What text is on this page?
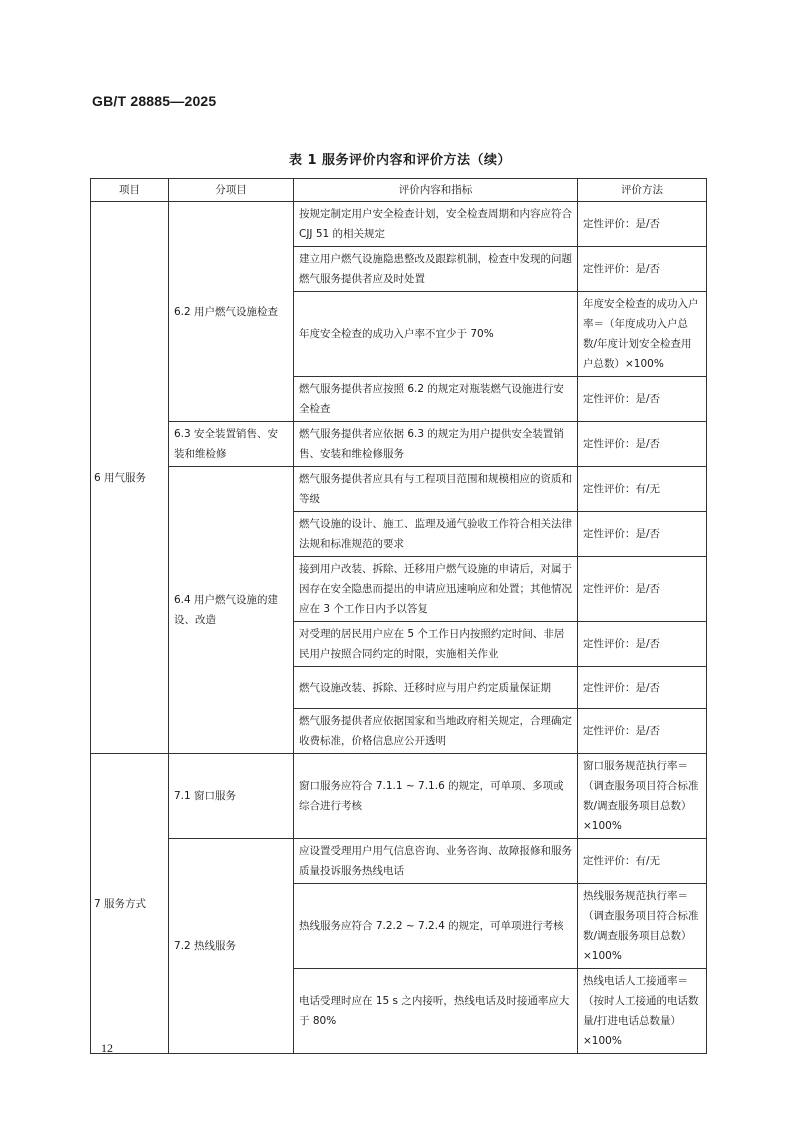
GB/T 28885—2025
表 1 服务评价内容和评价方法（续）
项目	分项目	评价内容和指标	评价方法
6 用气服务	6.2 用户燃气设施检查	按规定制定用户安全检查计划，安全检查周期和内容应符合 CJJ 51 的相关规定	定性评价：是/否
		建立用户燃气设施隐患整改及跟踪机制，检查中发现的问题燃气服务提供者应及时处置	定性评价：是/否
		年度安全检查的成功入户率不宜少于 70%	年度安全检查的成功入户率＝（年度成功入户总数/年度计划安全检查用户总数）×100%
		燃气服务提供者应按照 6.2 的规定对瓶装燃气设施进行安全检查	定性评价：是/否
	6.3 安全装置销售、安装和维检修	燃气服务提供者应依据 6.3 的规定为用户提供安全装置销售、安装和维检修服务	定性评价：是/否
	6.4 用户燃气设施的建设、改造	燃气服务提供者应具有与工程项目范围和规模相应的资质和等级	定性评价：有/无
		燃气设施的设计、施工、监理及通气验收工作符合相关法律法规和标准规范的要求	定性评价：是/否
		接到用户改装、拆除、迁移用户燃气设施的申请后，对属于因存在安全隐患而提出的申请应迅速响应和处置；其他情况应在 3 个工作日内予以答复	定性评价：是/否
		对受理的居民用户应在 5 个工作日内按照约定时间、非居民用户按照合同约定的时限，实施相关作业	定性评价：是/否
		燃气设施改装、拆除、迁移时应与用户约定质量保证期	定性评价：是/否
		燃气服务提供者应依据国家和当地政府相关规定，合理确定收费标准，价格信息应公开透明	定性评价：是/否
7 服务方式	7.1 窗口服务	窗口服务应符合 7.1.1 ~ 7.1.6 的规定，可单项、多项或综合进行考核	窗口服务规范执行率＝（调查服务项目符合标准数/调查服务项目总数）×100%
	7.2 热线服务	应设置受理用户用气信息咨询、业务咨询、故障报修和服务质量投诉服务热线电话	定性评价：有/无
		热线服务应符合 7.2.2 ~ 7.2.4 的规定，可单项进行考核	热线服务规范执行率＝（调查服务项目符合标准数/调查服务项目总数）×100%
		电话受理时应在 15 s 之内接听，热线电话及时接通率应大于 80%	热线电话人工接通率＝（按时人工接通的电话数量/打进电话总数量）×100%
12
